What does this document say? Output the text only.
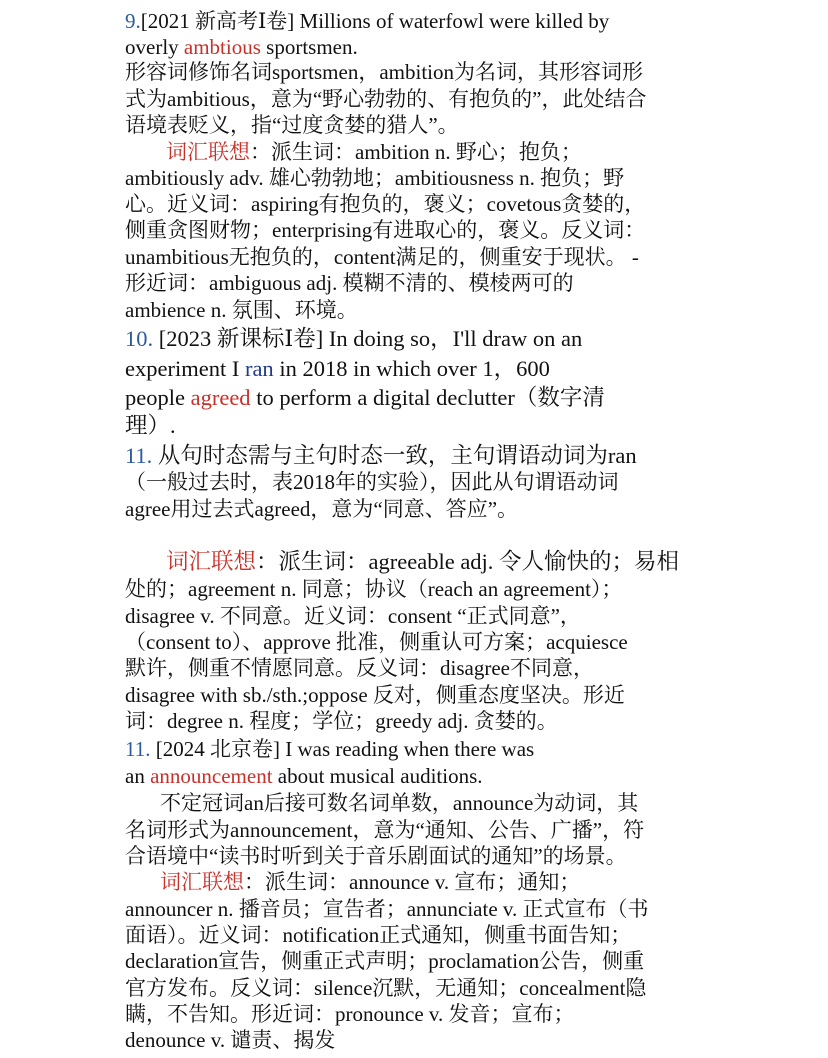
9.[2021 新高考Ⅰ卷] Millions of waterfowl were killed by
overly ambtious sportsmen.
形容词修饰名词sportsmen，ambition为名词，其形容词形
式为ambitious，意为“野心勃勃的、有抱负的”，此处结合
语境表贬义，指“过度贪婪的猎人”。
词汇联想：派生词：ambition n. 野心；抱负；
ambitiously adv. 雄心勃勃地；ambitiousness n. 抱负；野
心。近义词：aspiring有抱负的，褒义；covetous贪婪的，
侧重贪图财物；enterprising有进取心的，褒义。反义词：
unambitious无抱负的，content满足的，侧重安于现状。 -
形近词：ambiguous adj. 模糊不清的、模棱两可的
ambience n. 氛围、环境。
10. [2023 新课标Ⅰ卷] In doing so，I'll draw on an
experiment I ran in 2018 in which over 1，600
people agreed to perform a digital declutter（数字清
理）.
11. 从句时态需与主句时态一致，主句谓语动词为ran
（一般过去时，表2018年的实验），因此从句谓语动词
agree用过去式agreed，意为“同意、答应”。
词汇联想：派生词：agreeable adj. 令人愉快的；易相
处的；agreement n. 同意；协议（reach an agreement）；
disagree v. 不同意。近义词：consent “正式同意”，
（consent to）、approve 批准，侧重认可方案；acquiesce
默许，侧重不情愿同意。反义词：disagree不同意，
disagree with sb./sth.;oppose 反对，侧重态度坚决。形近
词：degree n. 程度；学位；greedy adj. 贪婪的。
11. [2024 北京卷] I was reading when there was
an announcement about musical auditions.
不定冠词an后接可数名词单数，announce为动词，其
名词形式为announcement，意为“通知、公告、广播”，符
合语境中“读书时听到关于音乐剧面试的通知”的场景。
词汇联想：派生词：announce v. 宣布；通知；
announcer n. 播音员；宣告者；annunciate v. 正式宣布（书
面语）。近义词：notification正式通知，侧重书面告知；
declaration宣告，侧重正式声明；proclamation公告，侧重
官方发布。反义词：silence沉默，无通知；concealment隐
瞒，不告知。形近词：pronounce v. 发音；宣布；
denounce v. 谴责、揭发
